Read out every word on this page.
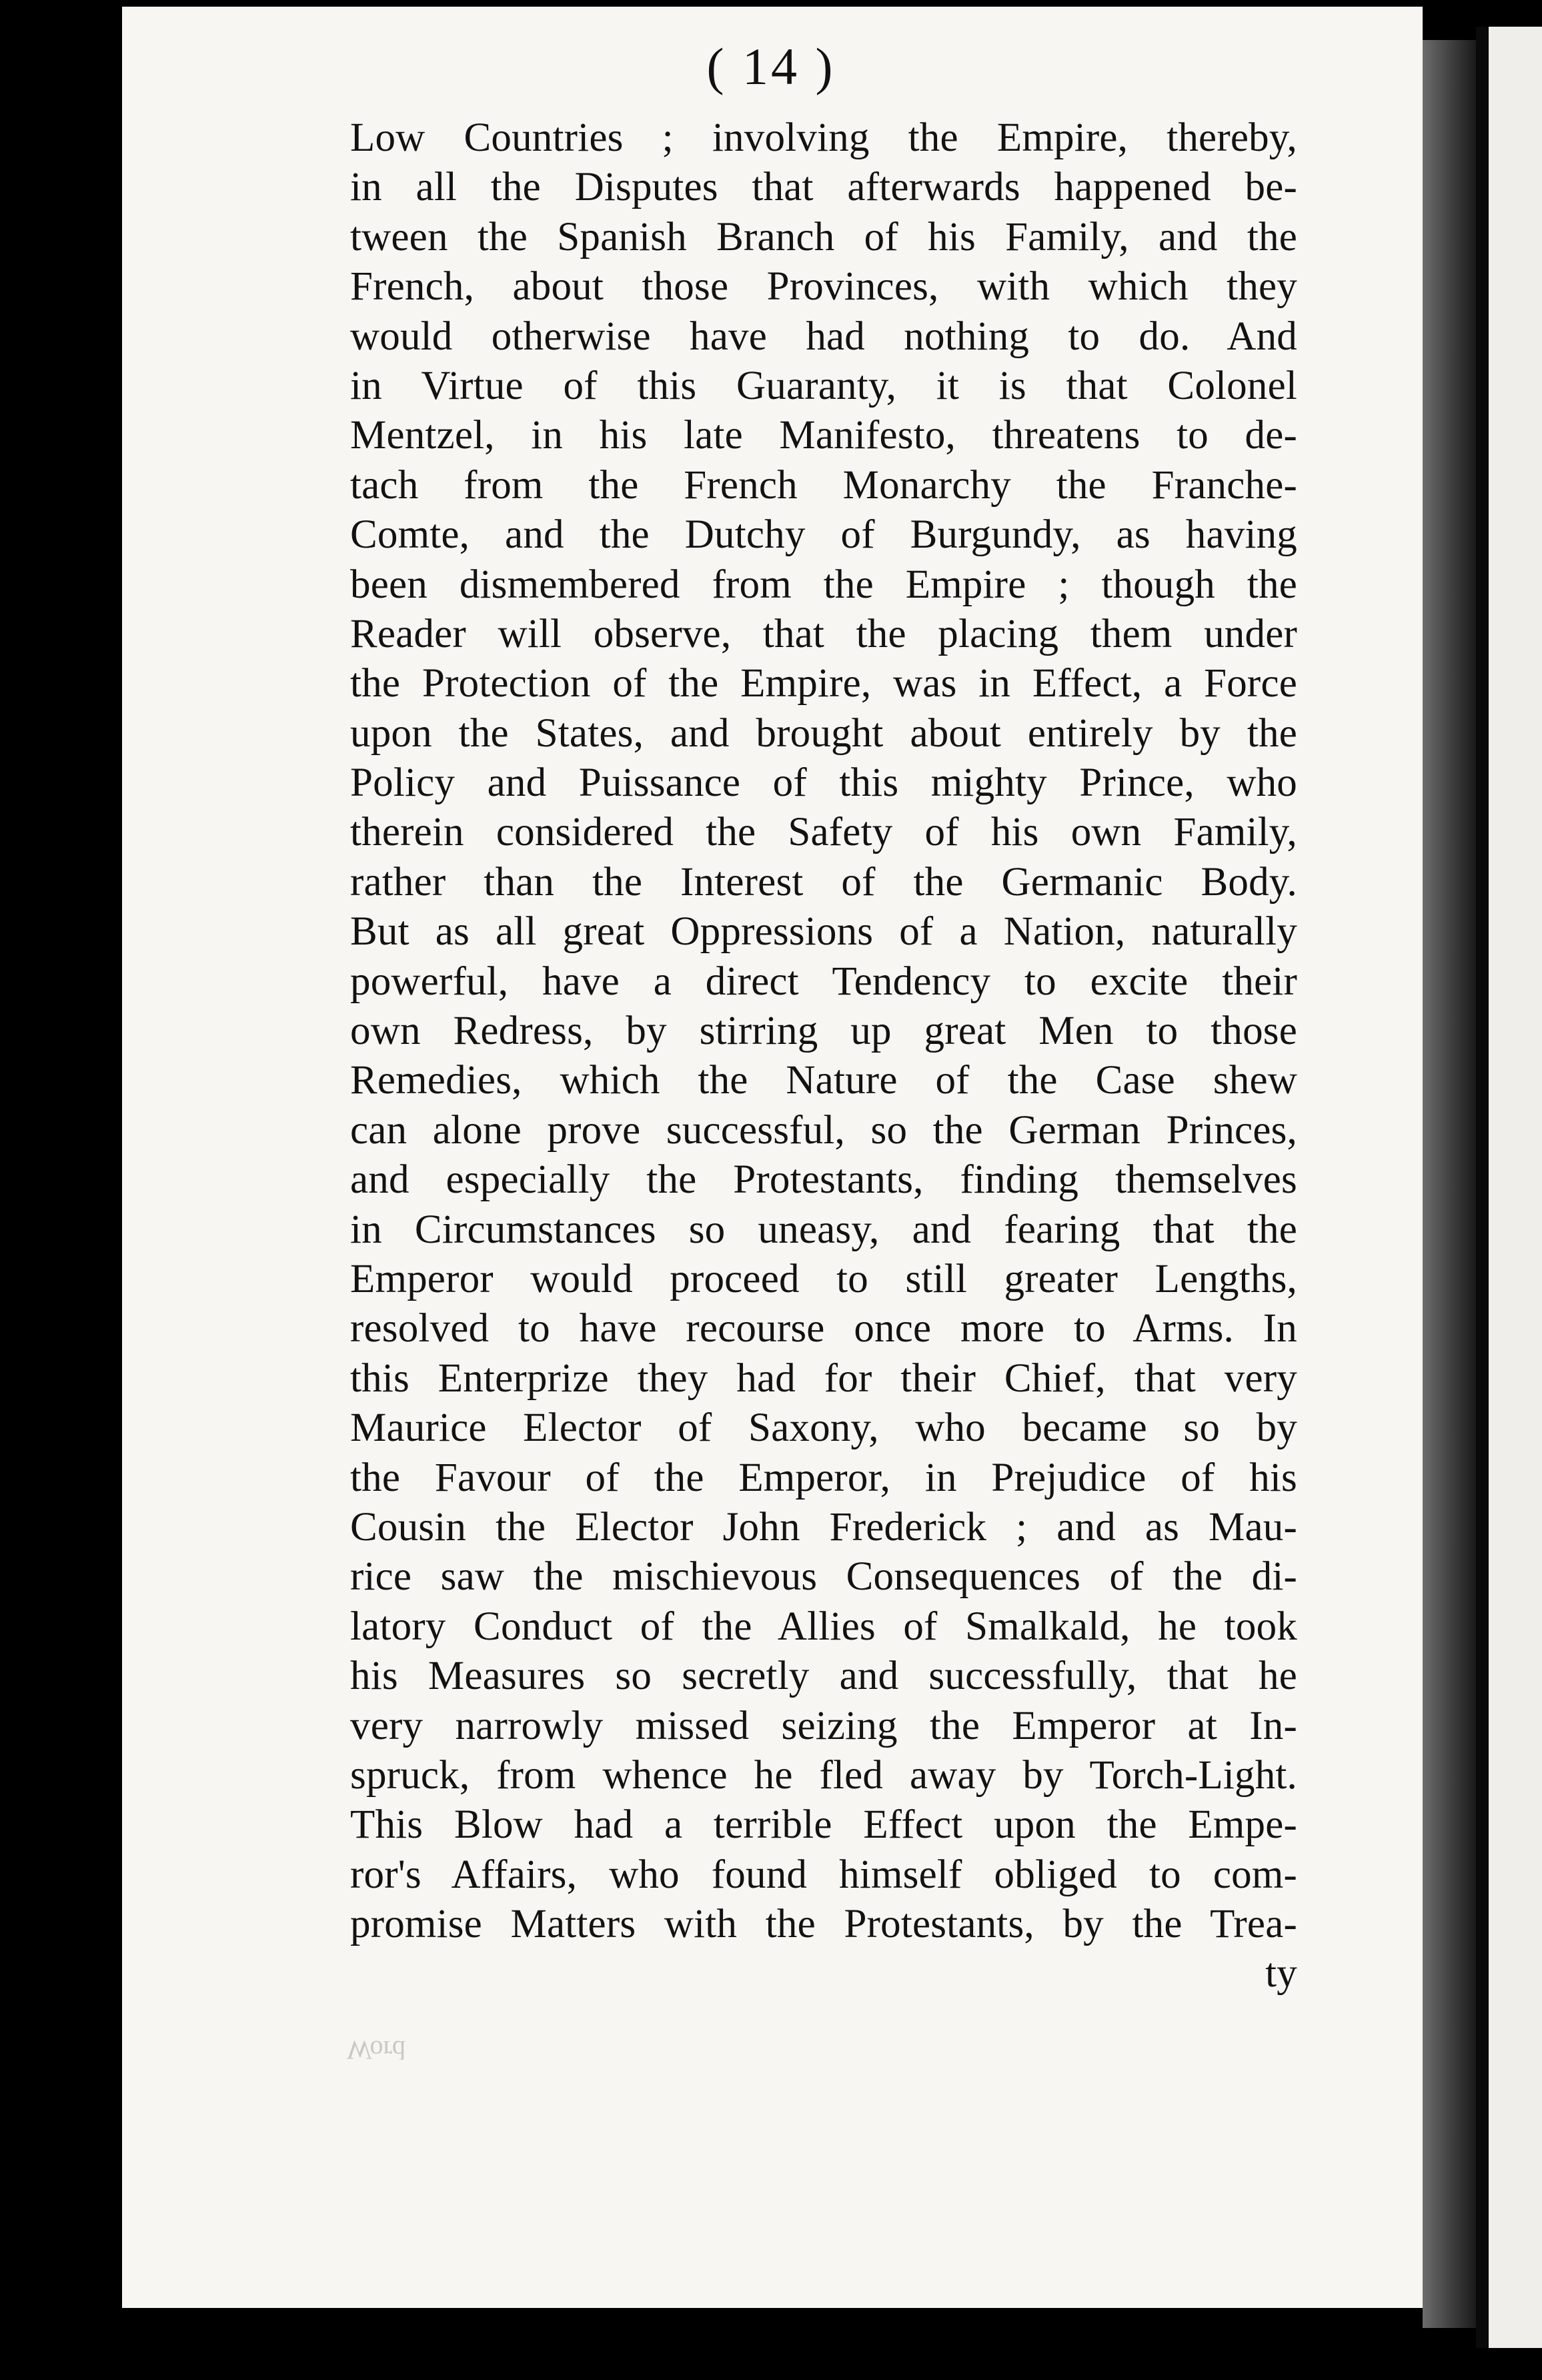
( 14 )
Low Countries ; involving the Empire, thereby,
in all the Disputes that afterwards happened be-
tween the Spanish Branch of his Family, and the
French, about those Provinces, with which they
would otherwise have had nothing to do. And
in Virtue of this Guaranty, it is that Colonel
Mentzel, in his late Manifesto, threatens to de-
tach from the French Monarchy the Franche-
Comte, and the Dutchy of Burgundy, as having
been dismembered from the Empire ; though the
Reader will observe, that the placing them under
the Protection of the Empire, was in Effect, a Force
upon the States, and brought about entirely by the
Policy and Puissance of this mighty Prince, who
therein considered the Safety of his own Family,
rather than the Interest of the Germanic Body.
But as all great Oppressions of a Nation, naturally
powerful, have a direct Tendency to excite their
own Redress, by stirring up great Men to those
Remedies, which the Nature of the Case shew
can alone prove successful, so the German Princes,
and especially the Protestants, finding themselves
in Circumstances so uneasy, and fearing that the
Emperor would proceed to still greater Lengths,
resolved to have recourse once more to Arms. In
this Enterprize they had for their Chief, that very
Maurice Elector of Saxony, who became so by
the Favour of the Emperor, in Prejudice of his
Cousin the Elector John Frederick ; and as Mau-
rice saw the mischievous Consequences of the di-
latory Conduct of the Allies of Smalkald, he took
his Measures so secretly and successfully, that he
very narrowly missed seizing the Emperor at In-
spruck, from whence he fled away by Torch-Light.
This Blow had a terrible Effect upon the Empe-
ror's Affairs, who found himself obliged to com-
promise Matters with the Protestants, by the Trea-
ty
Word
